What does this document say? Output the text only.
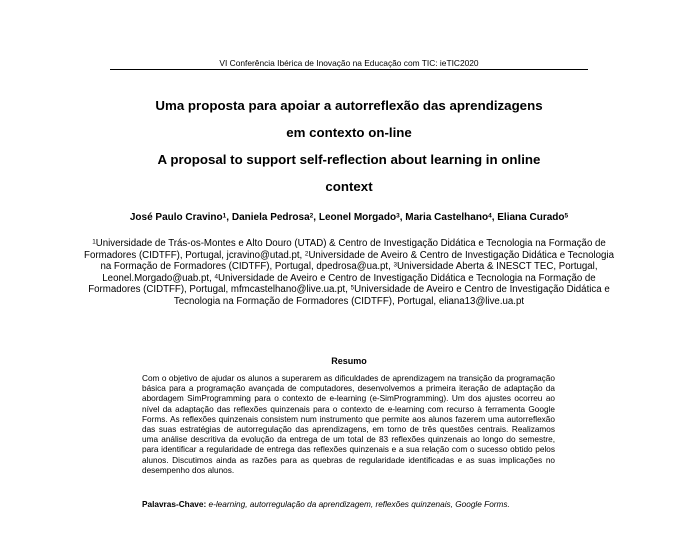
VI Conferência Ibérica de Inovação na Educação com TIC: ieTIC2020
Uma proposta para apoiar a autorreflexão das aprendizagens
em contexto on-line
A proposal to support self-reflection about learning in online
context
José Paulo Cravino$^1$, Daniela Pedrosa$^2$, Leonel Morgado$^3$, Maria Castelhano$^4$, Eliana Curado$^5$
$^1$Universidade de Trás-os-Montes e Alto Douro (UTAD) & Centro de Investigação Didática e Tecnologia na Formação de Formadores (CIDTFF), Portugal, jcravino@utad.pt, $^2$Universidade de Aveiro & Centro de Investigação Didática e Tecnologia na Formação de Formadores (CIDTFF), Portugal, dpedrosa@ua.pt, $^3$Universidade Aberta & INESCT TEC, Portugal, Leonel.Morgado@uab.pt, $^4$Universidade de Aveiro e Centro de Investigação Didática e Tecnologia na Formação de Formadores (CIDTFF), Portugal, mfmcastelhano@live.ua.pt, $^5$Universidade de Aveiro e Centro de Investigação Didática e Tecnologia na Formação de Formadores (CIDTFF), Portugal, eliana13@live.ua.pt
Resumo
Com o objetivo de ajudar os alunos a superarem as dificuldades de aprendizagem na transição da programação básica para a programação avançada de computadores, desenvolvemos a primeira iteração de adaptação da abordagem SimProgramming para o contexto de e-learning (e-SimProgramming). Um dos ajustes ocorreu ao nível da adaptação das reflexões quinzenais para o contexto de e-learning com recurso à ferramenta Google Forms. As reflexões quinzenais consistem num instrumento que permite aos alunos fazerem uma autorreflexão das suas estratégias de autorregulação das aprendizagens, em torno de três questões centrais. Realizamos uma análise descritiva da evolução da entrega de um total de 83 reflexões quinzenais ao longo do semestre, para identificar a regularidade de entrega das reflexões quinzenais e a sua relação com o sucesso obtido pelos alunos. Discutimos ainda as razões para as quebras de regularidade identificadas e as suas implicações no desempenho dos alunos.
Palavras-Chave: e-learning, autorregulação da aprendizagem, reflexões quinzenais, Google Forms.
